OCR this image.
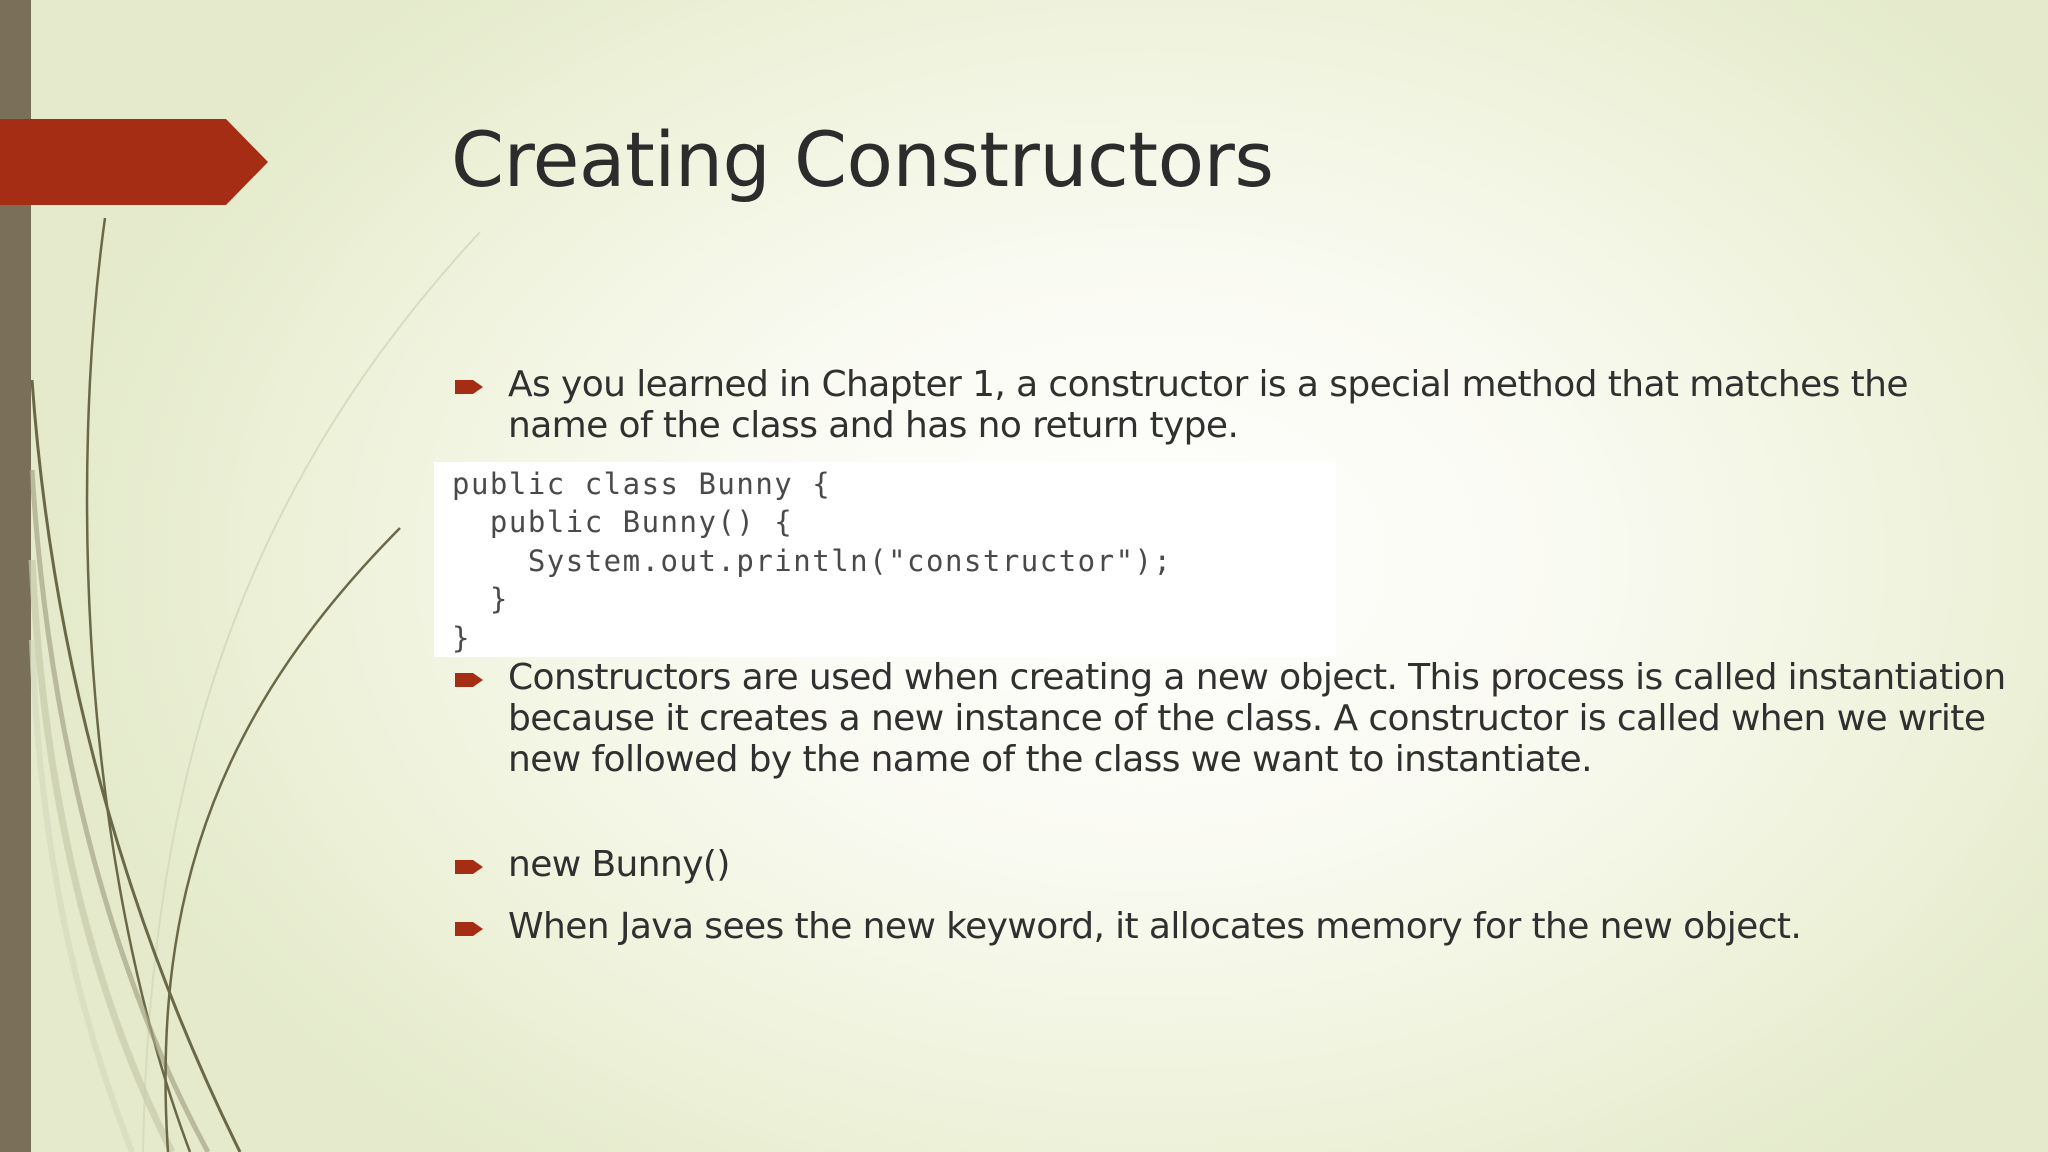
Creating Constructors
As you learned in Chapter 1, a constructor is a special method that matches the name of the class and has no return type.
public class Bunny {
public Bunny() {
System.out.println("constructor");
}
}
Constructors are used when creating a new object. This process is called instantiation because it creates a new instance of the class. A constructor is called when we write new followed by the name of the class we want to instantiate.
new Bunny()
When Java sees the new keyword, it allocates memory for the new object.
